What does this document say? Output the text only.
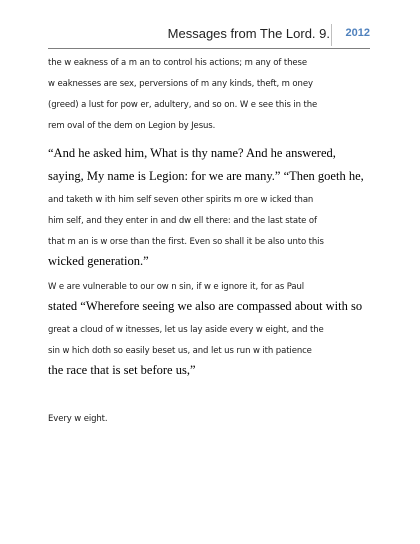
Messages from The Lord. 9. 2012
the w eakness of a m an to control his actions; m any of these
w eaknesses are sex, perversions of m any kinds, theft, m oney
(greed) a lust for pow er, adultery, and so on. W e see this in the
rem oval of the dem on Legion by Jesus.
“And he asked him, What is thy name? And he answered,
saying, My name is Legion: for we are many.” “Then goeth he,
and taketh w ith him self seven other spirits m ore w icked than
him self, and they enter in and dw ell there: and the last state of
that m an is w orse than the first. Even so shall it be also unto this
wicked generation.”
W e are vulnerable to our ow n sin, if w e ignore it, for as Paul
stated “Wherefore seeing we also are compassed about with so
great a cloud of w itnesses, let us lay aside every w eight, and the
sin w hich doth so easily beset us, and let us run w ith patience
the race that is set before us,”
Every w eight.
